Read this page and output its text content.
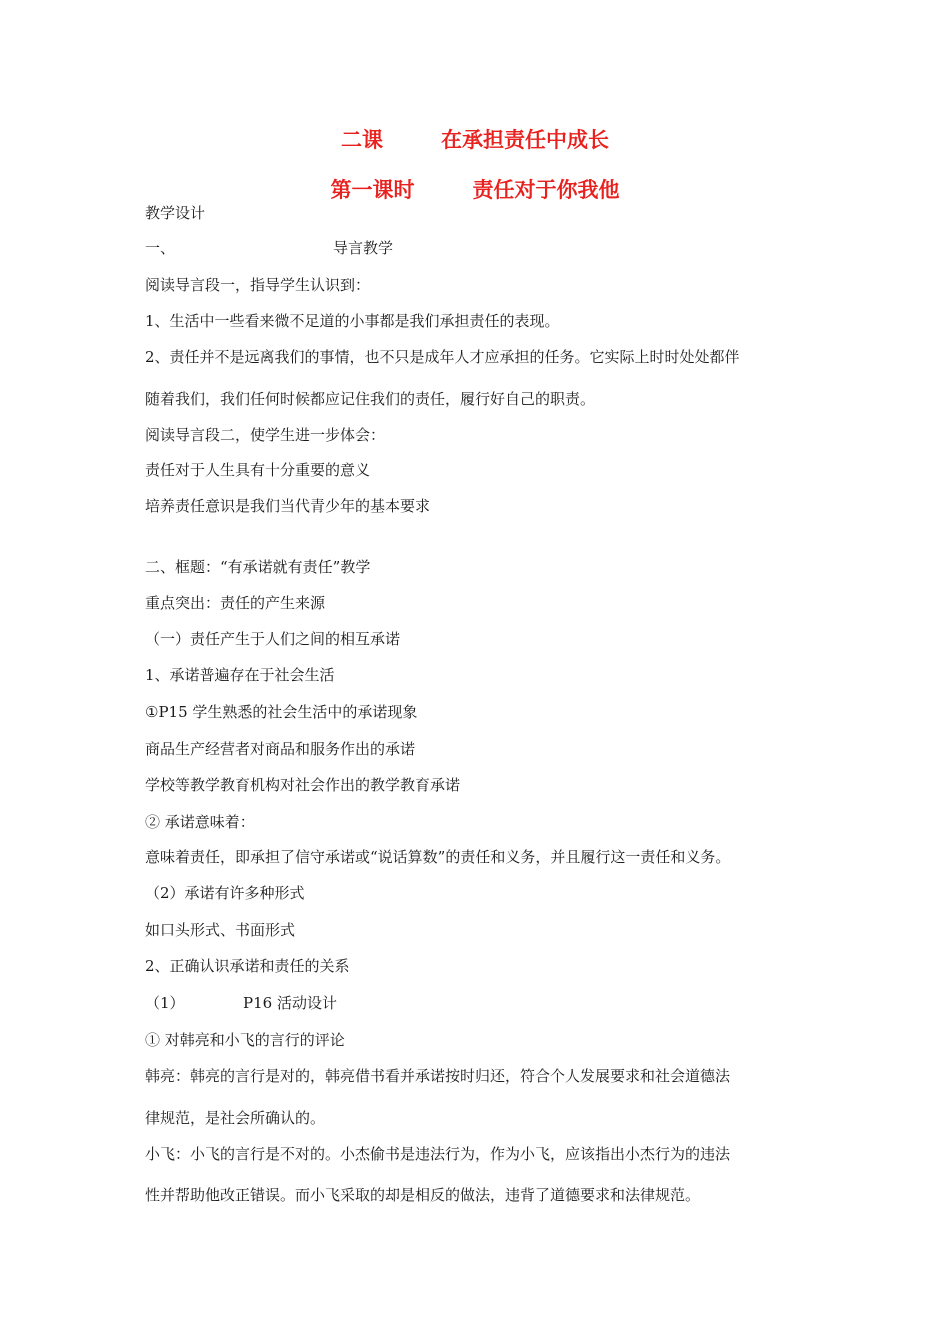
二课	在承担责任中成长
第一课时	责任对于你我他
教学设计
一、	导言教学
阅读导言段一，指导学生认识到：
1、生活中一些看来微不足道的小事都是我们承担责任的表现。
2、责任并不是远离我们的事情，也不只是成年人才应承担的任务。它实际上时时处处都伴
随着我们，我们任何时候都应记住我们的责任，履行好自己的职责。
阅读导言段二，使学生进一步体会：
责任对于人生具有十分重要的意义
培养责任意识是我们当代青少年的基本要求
二、框题：“有承诺就有责任”教学
重点突出：责任的产生来源
（一）责任产生于人们之间的相互承诺
1、承诺普遍存在于社会生活
①P15 学生熟悉的社会生活中的承诺现象
商品生产经营者对商品和服务作出的承诺
学校等教学教育机构对社会作出的教学教育承诺
② 承诺意味着：
意味着责任，即承担了信守承诺或“说话算数”的责任和义务，并且履行这一责任和义务。
（2）承诺有许多种形式
如口头形式、书面形式
2、正确认识承诺和责任的关系
（1）	P16 活动设计
① 对韩亮和小飞的言行的评论
韩亮：韩亮的言行是对的，韩亮借书看并承诺按时归还，符合个人发展要求和社会道德法
律规范，是社会所确认的。
小飞：小飞的言行是不对的。小杰偷书是违法行为，作为小飞，应该指出小杰行为的违法
性并帮助他改正错误。而小飞采取的却是相反的做法，违背了道德要求和法律规范。
